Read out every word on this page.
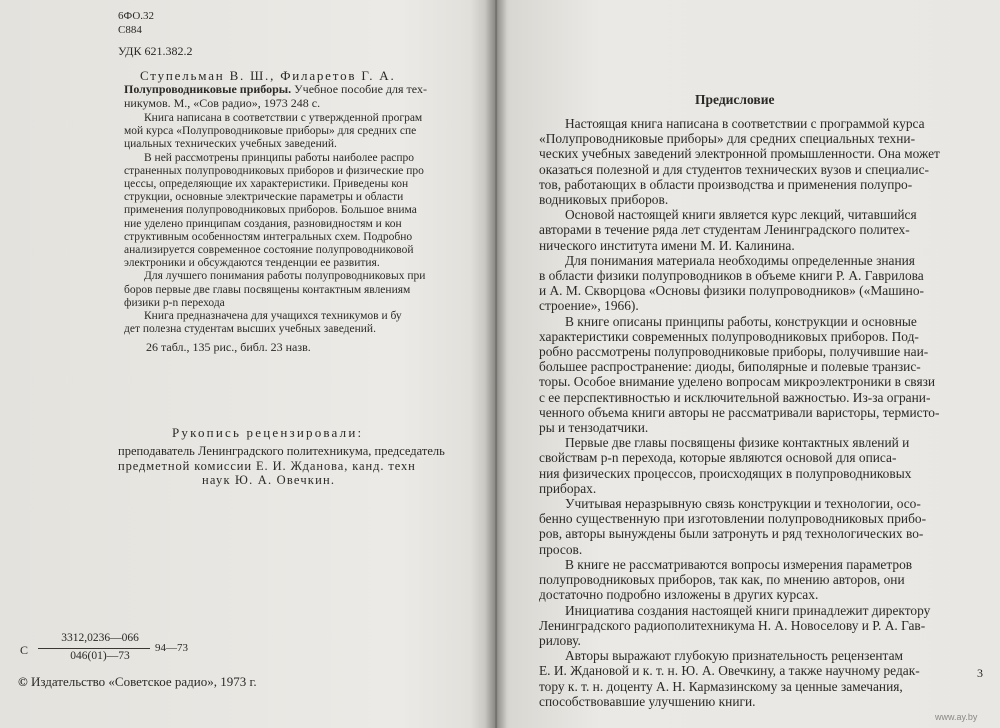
6ФО.32
С884
УДК 621.382.2
Ступельман В. Ш., Филаретов Г. А.
Полупроводниковые приборы. Учебное пособие для тех-
никумов. М., «Сов радио», 1973 248 с.
Книга написана в соответствии с утвержденной програм
мой курса «Полупроводниковые приборы» для средних спе
циальных технических учебных заведений.
В ней рассмотрены принципы работы наиболее распро
страненных полупроводниковых приборов и физические про
цессы, определяющие их характеристики. Приведены кон
струкции, основные электрические параметры и области
применения полупроводниковых приборов. Большое внима
ние уделено принципам создания, разновидностям и кон
структивным особенностям интегральных схем. Подробно
анализируется современное состояние полупроводниковой
электроники и обсуждаются тенденции ее развития.
Для лучшего понимания работы полупроводниковых при
боров первые две главы посвящены контактным явлениям
физики p-n перехода
Книга предназначена для учащихся техникумов и бу
дет полезна студентам высших учебных заведений.
26 табл., 135 рис., библ. 23 назв.
Рукопись рецензировали:
преподаватель Ленинградского политехникума, председатель
предметной комиссии Е. И. Жданова, канд. техн
наук Ю. А. Овечкин.
С
3312,0236—066
046(01)—73
94—73
© Издательство «Советское радио», 1973 г.
Предисловие
Настоящая книга написана в соответствии с программой курса
«Полупроводниковые приборы» для средних специальных техни-
ческих учебных заведений электронной промышленности. Она может
оказаться полезной и для студентов технических вузов и специалис-
тов, работающих в области производства и применения полупро-
водниковых приборов.
Основой настоящей книги является курс лекций, читавшийся
авторами в течение ряда лет студентам Ленинградского политех-
нического института имени М. И. Калинина.
Для понимания материала необходимы определенные знания
в области физики полупроводников в объеме книги Р. А. Гаврилова
и А. М. Скворцова «Основы физики полупроводников» («Машино-
строение», 1966).
В книге описаны принципы работы, конструкции и основные
характеристики современных полупроводниковых приборов. Под-
робно рассмотрены полупроводниковые приборы, получившие наи-
большее распространение: диоды, биполярные и полевые транзис-
торы. Особое внимание уделено вопросам микроэлектроники в связи
с ее перспективностью и исключительной важностью. Из-за ограни-
ченного объема книги авторы не рассматривали варисторы, термисто-
ры и тензодатчики.
Первые две главы посвящены физике контактных явлений и
свойствам p-n перехода, которые являются основой для описа-
ния физических процессов, происходящих в полупроводниковых
приборах.
Учитывая неразрывную связь конструкции и технологии, осо-
бенно существенную при изготовлении полупроводниковых прибо-
ров, авторы вынуждены были затронуть и ряд технологических во-
просов.
В книге не рассматриваются вопросы измерения параметров
полупроводниковых приборов, так как, по мнению авторов, они
достаточно подробно изложены в других курсах.
Инициатива создания настоящей книги принадлежит директору
Ленинградского радиополитехникума Н. А. Новоселову и Р. А. Гав-
рилову.
Авторы выражают глубокую признательность рецензентам
Е. И. Ждановой и к. т. н. Ю. А. Овечкину, а также научному редак-
тору к. т. н. доценту А. Н. Кармазинскому за ценные замечания,
способствовавшие улучшению книги.
3
www.ay.by
